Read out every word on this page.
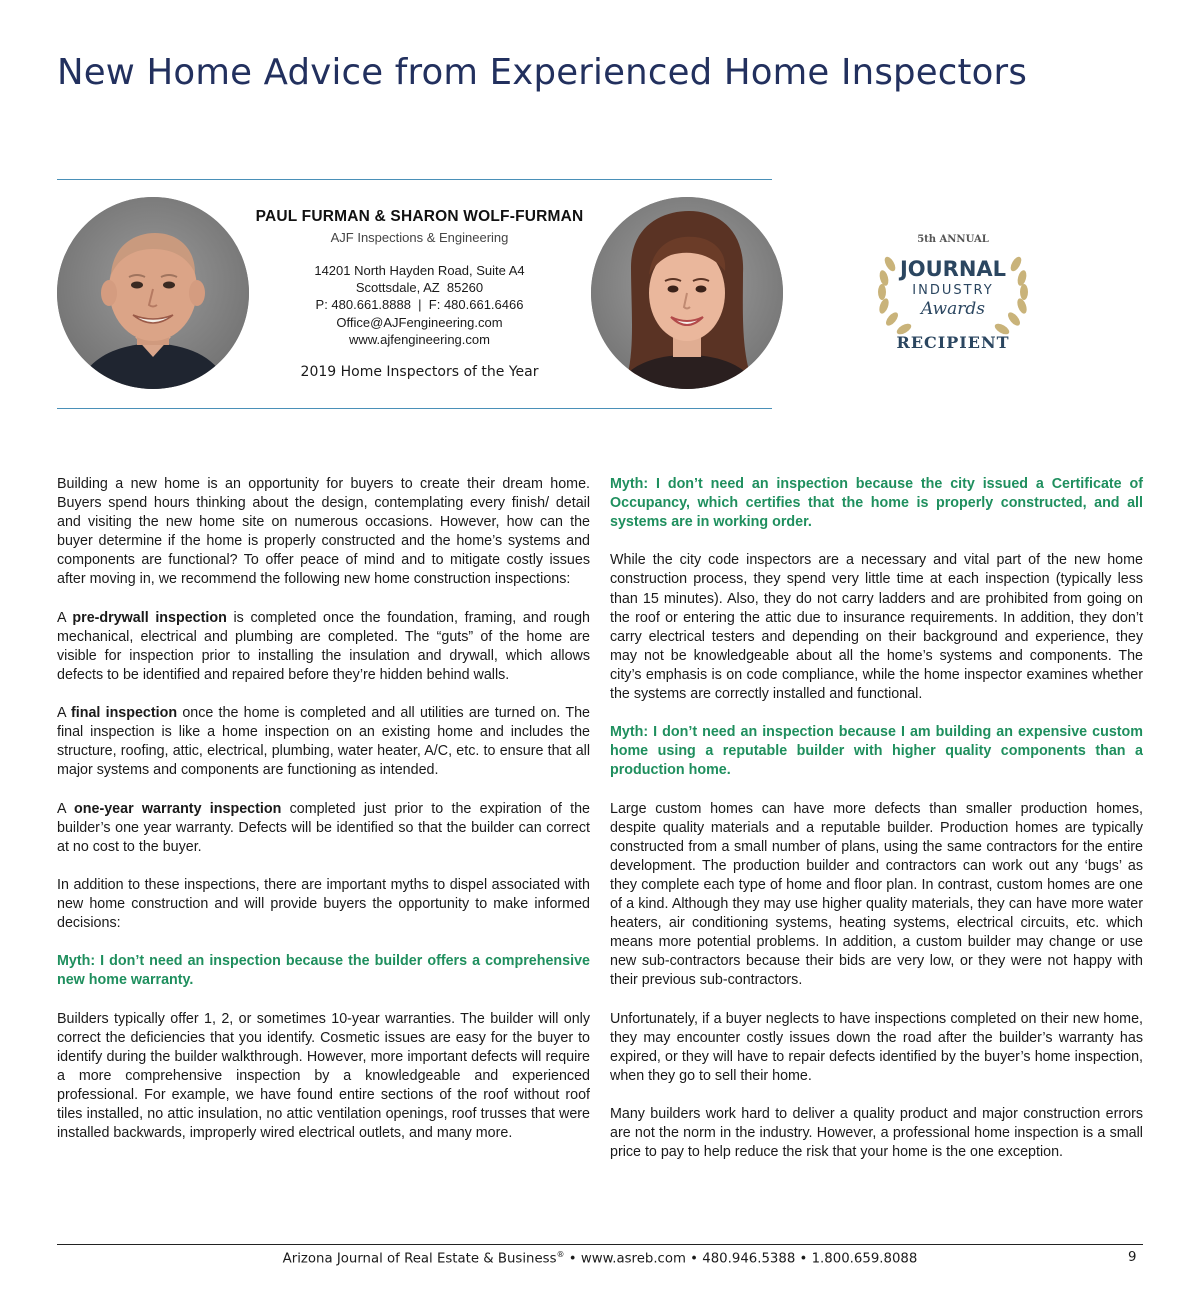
New Home Advice from Experienced Home Inspectors
PAUL FURMAN & SHARON WOLF-FURMAN
AJF Inspections & Engineering
14201 North Hayden Road, Suite A4
Scottsdale, AZ  85260
P: 480.661.8888  |  F: 480.661.6466
Office@AJFengineering.com
www.ajfengineering.com
2019 Home Inspectors of the Year
5th ANNUAL
JOURNAL
INDUSTRY
Awards
RECIPIENT

Building a new home is an opportunity for buyers to create their dream home. Buyers spend hours thinking about the design, contemplating every finish/ detail and visiting the new home site on numerous occasions. However, how can the buyer determine if the home is properly constructed and the home’s systems and components are functional? To offer peace of mind and to mitigate costly issues after moving in, we recommend the following new home construction inspections:

A pre-drywall inspection is completed once the foundation, framing, and rough mechanical, electrical and plumbing are completed. The “guts” of the home are visible for inspection prior to installing the insulation and drywall, which allows defects to be identified and repaired before they’re hidden behind walls.

A final inspection once the home is completed and all utilities are turned on. The final inspection is like a home inspection on an existing home and includes the structure, roofing, attic, electrical, plumbing, water heater, A/C, etc. to ensure that all major systems and components are functioning as intended.

A one-year warranty inspection completed just prior to the expiration of the builder’s one year warranty. Defects will be identified so that the builder can correct at no cost to the buyer.

In addition to these inspections, there are important myths to dispel associated with new home construction and will provide buyers the opportunity to make informed decisions:

Myth: I don’t need an inspection because the builder offers a comprehensive new home warranty.

Builders typically offer 1, 2, or sometimes 10-year warranties. The builder will only correct the deficiencies that you identify. Cosmetic issues are easy for the buyer to identify during the builder walkthrough. However, more important defects will require a more comprehensive inspection by a knowledgeable and experienced professional. For example, we have found entire sections of the roof without roof tiles installed, no attic insulation, no attic ventilation openings, roof trusses that were installed backwards, improperly wired electrical outlets, and many more.

Myth: I don’t need an inspection because the city issued a Certificate of Occupancy, which certifies that the home is properly constructed, and all systems are in working order.

While the city code inspectors are a necessary and vital part of the new home construction process, they spend very little time at each inspection (typically less than 15 minutes). Also, they do not carry ladders and are prohibited from going on the roof or entering the attic due to insurance requirements. In addition, they don’t carry electrical testers and depending on their background and experience, they may not be knowledgeable about all the home’s systems and components. The city’s emphasis is on code compliance, while the home inspector examines whether the systems are correctly installed and functional.

Myth: I don’t need an inspection because I am building an expensive custom home using a reputable builder with higher quality components than a production home.

Large custom homes can have more defects than smaller production homes, despite quality materials and a reputable builder. Production homes are typically constructed from a small number of plans, using the same contractors for the entire development. The production builder and contractors can work out any ‘bugs’ as they complete each type of home and floor plan. In contrast, custom homes are one of a kind. Although they may use higher quality materials, they can have more water heaters, air conditioning systems, heating systems, electrical circuits, etc. which means more potential problems. In addition, a custom builder may change or use new sub-contractors because their bids are very low, or they were not happy with their previous sub-contractors.

Unfortunately, if a buyer neglects to have inspections completed on their new home, they may encounter costly issues down the road after the builder’s warranty has expired, or they will have to repair defects identified by the buyer’s home inspection, when they go to sell their home.

Many builders work hard to deliver a quality product and major construction errors are not the norm in the industry. However, a professional home inspection is a small price to pay to help reduce the risk that your home is the one exception.

Arizona Journal of Real Estate & Business® • www.asreb.com • 480.946.5388 • 1.800.659.8088	9
